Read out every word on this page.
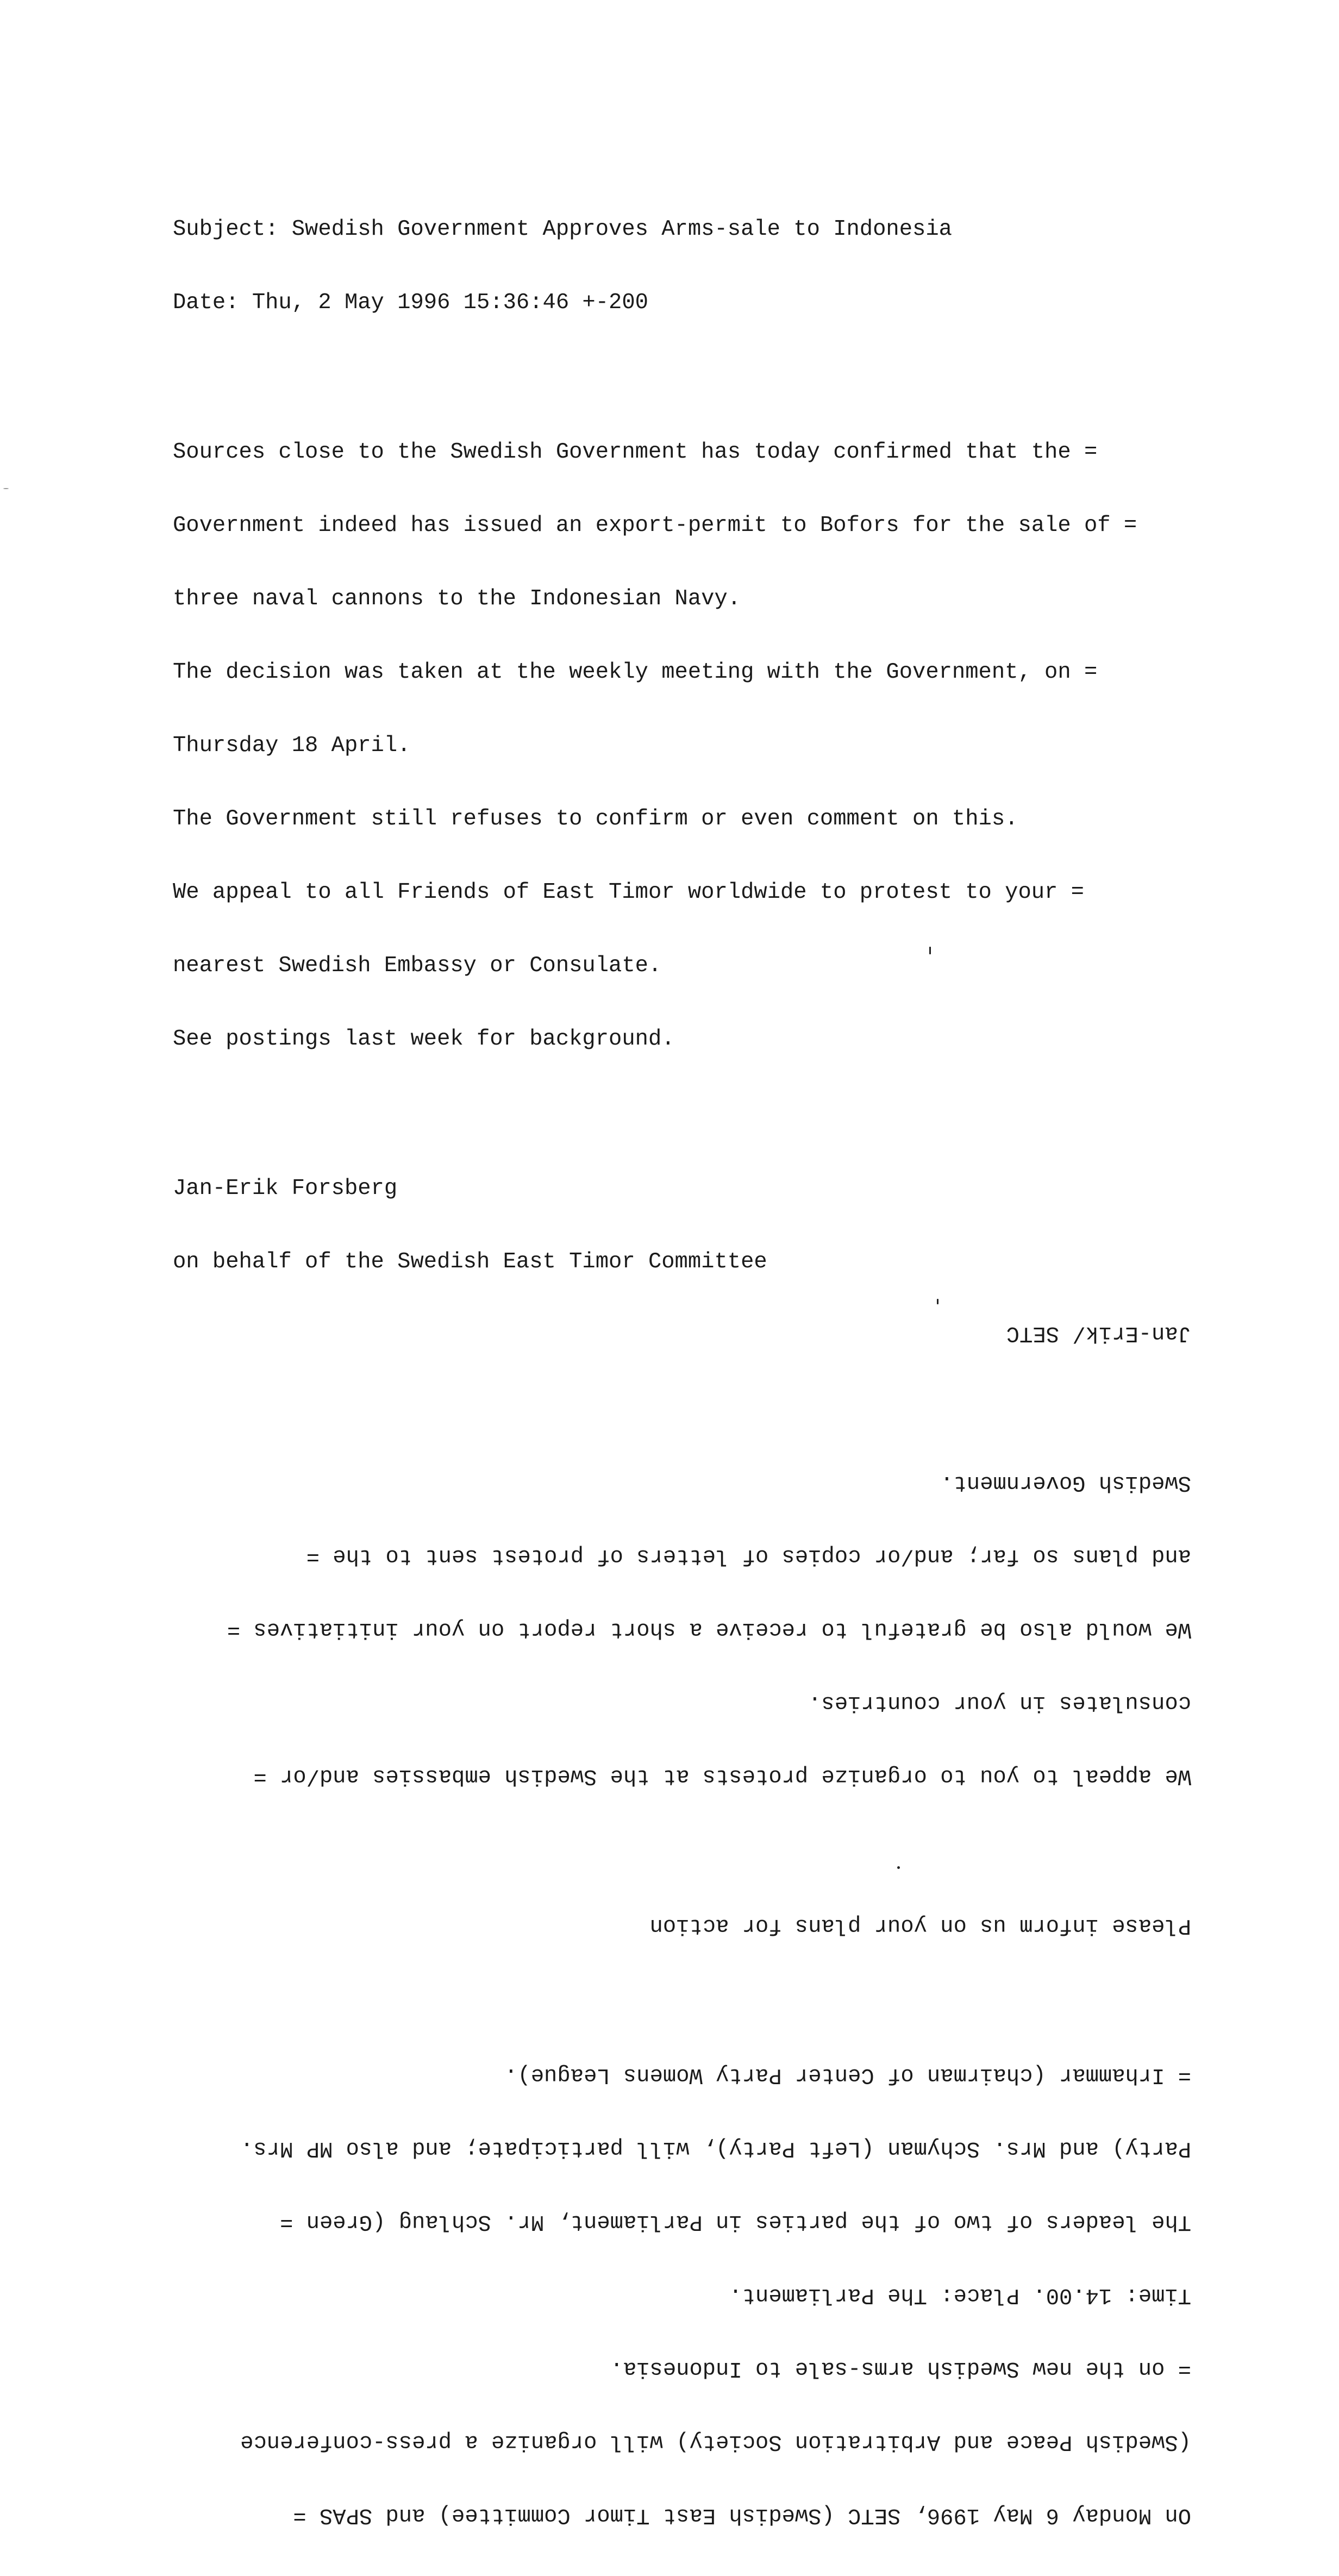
Subject: Swedish Government Approves Arms-sale to Indonesia

Date: Thu, 2 May 1996 15:36:46 +-200

Sources close to the Swedish Government has today confirmed that the =

Government indeed has issued an export-permit to Bofors for the sale of =

three naval cannons to the Indonesian Navy.

The decision was taken at the weekly meeting with the Government, on =

Thursday 18 April.

The Government still refuses to confirm or even comment on this.

We appeal to all Friends of East Timor worldwide to protest to your =

nearest Swedish Embassy or Consulate.

See postings last week for background.

Jan-Erik Forsberg

on behalf of the Swedish East Timor Committee

On Monday 6 May 1996, SETC (Swedish East Timor Committee) and SPAS =

(Swedish Peace and Arbitration Society) will organize a press-conference

= on the new Swedish arms-sale to Indonesia.

Time: 14.00. Place: The Parliament.

The leaders of two of the parties in Parliament, Mr. Schlaug (Green =

Party) and Mrs. Schyman (Left Party), will participate; and also MP Mrs.

= Irhammar (chairman of Center Party Womens League).

Please inform us on your plans for action

We appeal to you to organize protests at the Swedish embassies and/or =

consulates in your countries.

We would also be grateful to receive a short report on your initiatives =

and plans so far; and/or copies of letters of protest sent to the =

Swedish Government.

Jan-Erik/ SETC
